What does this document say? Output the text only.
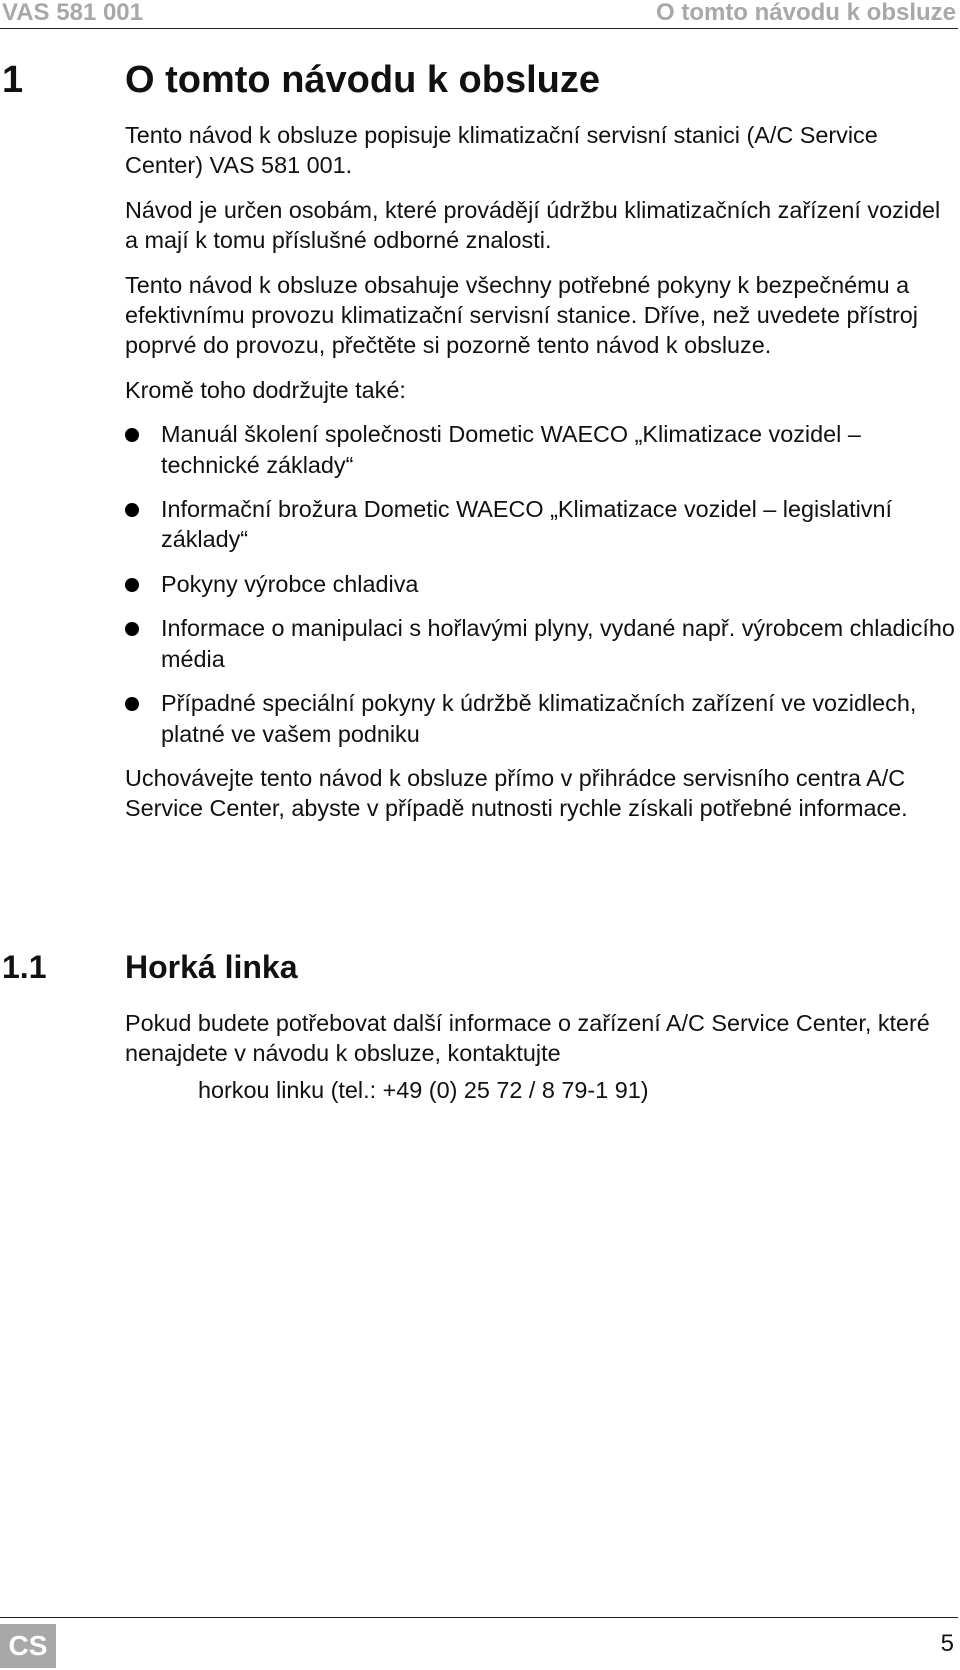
VAS 581 001	O tomto návodu k obsluze
1	O tomto návodu k obsluze

Tento návod k obsluze popisuje klimatizační servisní stanici (A/C Service Center) VAS 581 001.

Návod je určen osobám, které provádějí údržbu klimatizačních zařízení vozidel a mají k tomu příslušné odborné znalosti.

Tento návod k obsluze obsahuje všechny potřebné pokyny k bezpečnému a efektivnímu provozu klimatizační servisní stanice. Dříve, než uvedete přístroj poprvé do provozu, přečtěte si pozorně tento návod k obsluze.

Kromě toho dodržujte také:

Manuál školení společnosti Dometic WAECO „Klimatizace vozidel – technické základy“
Informační brožura Dometic WAECO „Klimatizace vozidel – legislativní základy“
Pokyny výrobce chladiva
Informace o manipulaci s hořlavými plyny, vydané např. výrobcem chladicího média
Případné speciální pokyny k údržbě klimatizačních zařízení ve vozidlech, platné ve vašem podniku

Uchovávejte tento návod k obsluze přímo v přihrádce servisního centra A/C Service Center, abyste v případě nutnosti rychle získali potřebné informace.

1.1 Horká linka

Pokud budete potřebovat další informace o zařízení A/C Service Center, které nenajdete v návodu k obsluze, kontaktujte

horkou linku (tel.: +49 (0) 25 72 / 8 79-1 91)

CS	5
